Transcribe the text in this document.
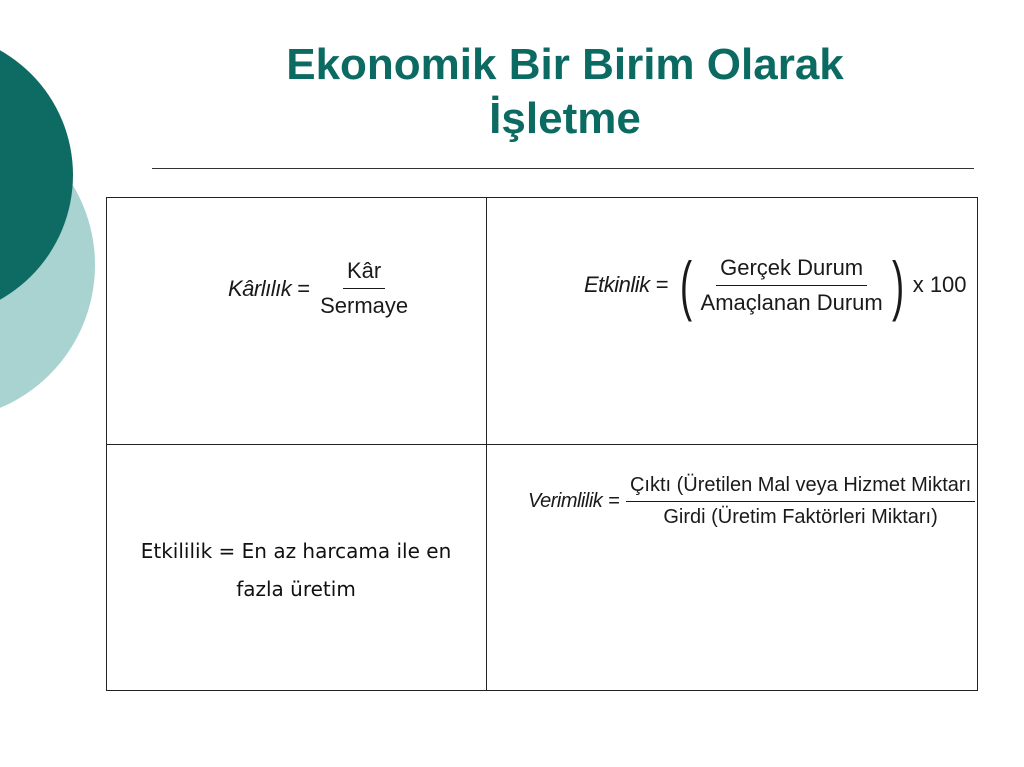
Ekonomik Bir Birim Olarak
İşletme
Kârlılık = $\frac{\text{Kâr}}{\text{Sermaye}}$	Etkinlik = ( $\frac{\text{Gerçek Durum}}{\text{Amaçlanan Durum}}$ ) x 100
Etkililik = En az harcama ile en
fazla üretim
Verimlilik = $\frac{\text{Çıktı (Üretilen Mal veya Hizmet Miktarı}}{\text{Girdi (Üretim Faktörleri Miktarı)}}$
